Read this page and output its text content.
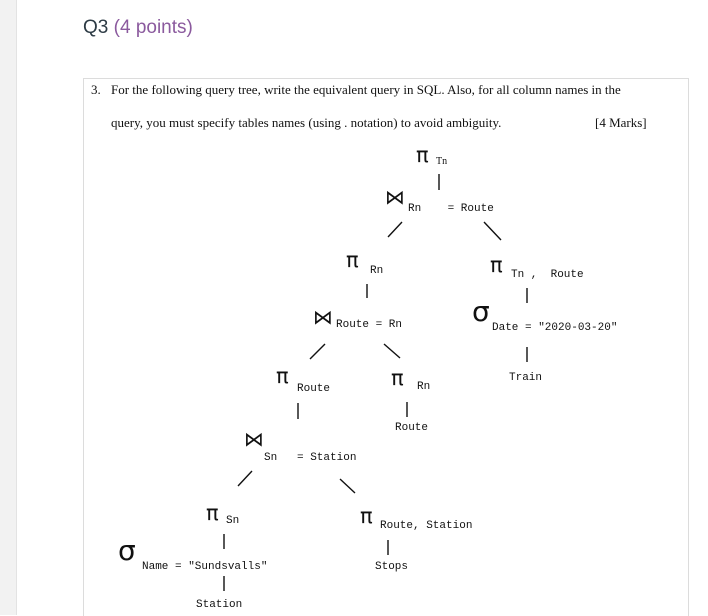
Q3 (4 points)
3. For the following query tree, write the equivalent query in SQL. Also, for all column names in the
query, you must specify tables names (using . notation) to avoid ambiguity.	[4 Marks]
π Tn
⋈ Rn    = Route
π Rn	π Tn ,  Route
⋈ Route = Rn σ Date = "2020-03-20"
Train
π
Route	π Rn
Route
⋈
Sn   = Station
π Sn	π Route, Station
Stops
σ Name = "Sundsvalls"
Station
